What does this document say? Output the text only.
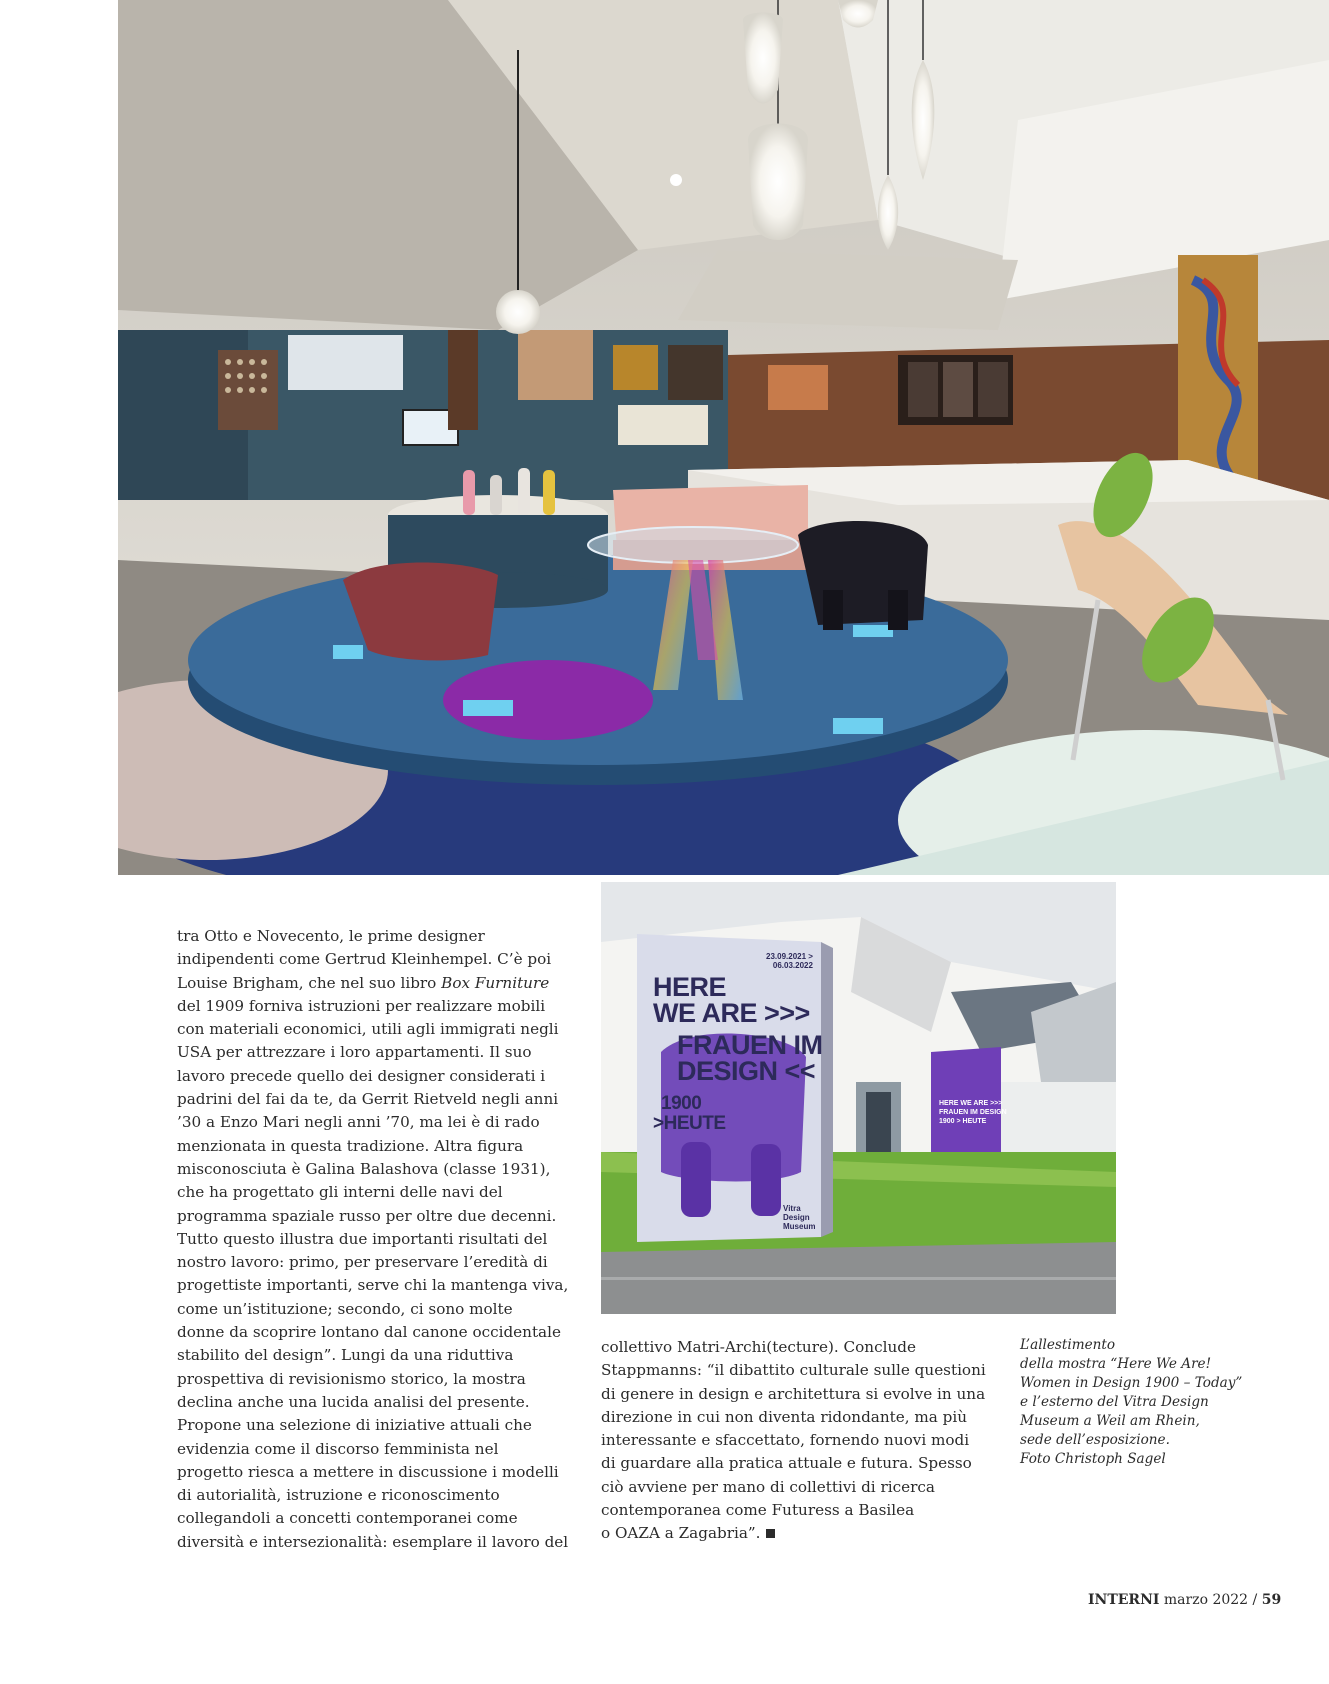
23.09.2021 >
06.03.2022
HERE
WE ARE >>>
FRAUEN IM
DESIGN <<
1900
>HEUTE
Vitra
Design
Museum
HERE WE ARE >>>
FRAUEN IM DESIGN
1900 > HEUTE

tra Otto e Novecento, le prime designer

indipendenti come Gertrud Kleinhempel. C’è poi

Louise Brigham, che nel suo libro Box Furniture

del 1909 forniva istruzioni per realizzare mobili

con materiali economici, utili agli immigrati negli

USA per attrezzare i loro appartamenti. Il suo

lavoro precede quello dei designer considerati i

padrini del fai da te, da Gerrit Rietveld negli anni

’30 a Enzo Mari negli anni ’70, ma lei è di rado

menzionata in questa tradizione. Altra figura

misconosciuta è Galina Balashova (classe 1931),

che ha progettato gli interni delle navi del

programma spaziale russo per oltre due decenni.

Tutto questo illustra due importanti risultati del

nostro lavoro: primo, per preservare l’eredità di

progettiste importanti, serve chi la mantenga viva,

come un’istituzione; secondo, ci sono molte

donne da scoprire lontano dal canone occidentale

stabilito del design”. Lungi da una riduttiva

prospettiva di revisionismo storico, la mostra

declina anche una lucida analisi del presente.

Propone una selezione di iniziative attuali che

evidenzia come il discorso femminista nel

progetto riesca a mettere in discussione i modelli

di autorialità, istruzione e riconoscimento

collegandoli a concetti contemporanei come

diversità e intersezionalità: esemplare il lavoro del

collettivo Matri-Archi(tecture). Conclude

Stappmanns: “il dibattito culturale sulle questioni

di genere in design e architettura si evolve in una

direzione in cui non diventa ridondante, ma più

interessante e sfaccettato, fornendo nuovi modi

di guardare alla pratica attuale e futura. Spesso

ciò avviene per mano di collettivi di ricerca

contemporanea come Futuress a Basilea

o OAZA a Zagabria”.

L’allestimento

della mostra “Here We Are!

Women in Design 1900 – Today”

e l’esterno del Vitra Design

Museum a Weil am Rhein,

sede dell’esposizione.

Foto Christoph Sagel

INTERNI marzo 2022 / 59
